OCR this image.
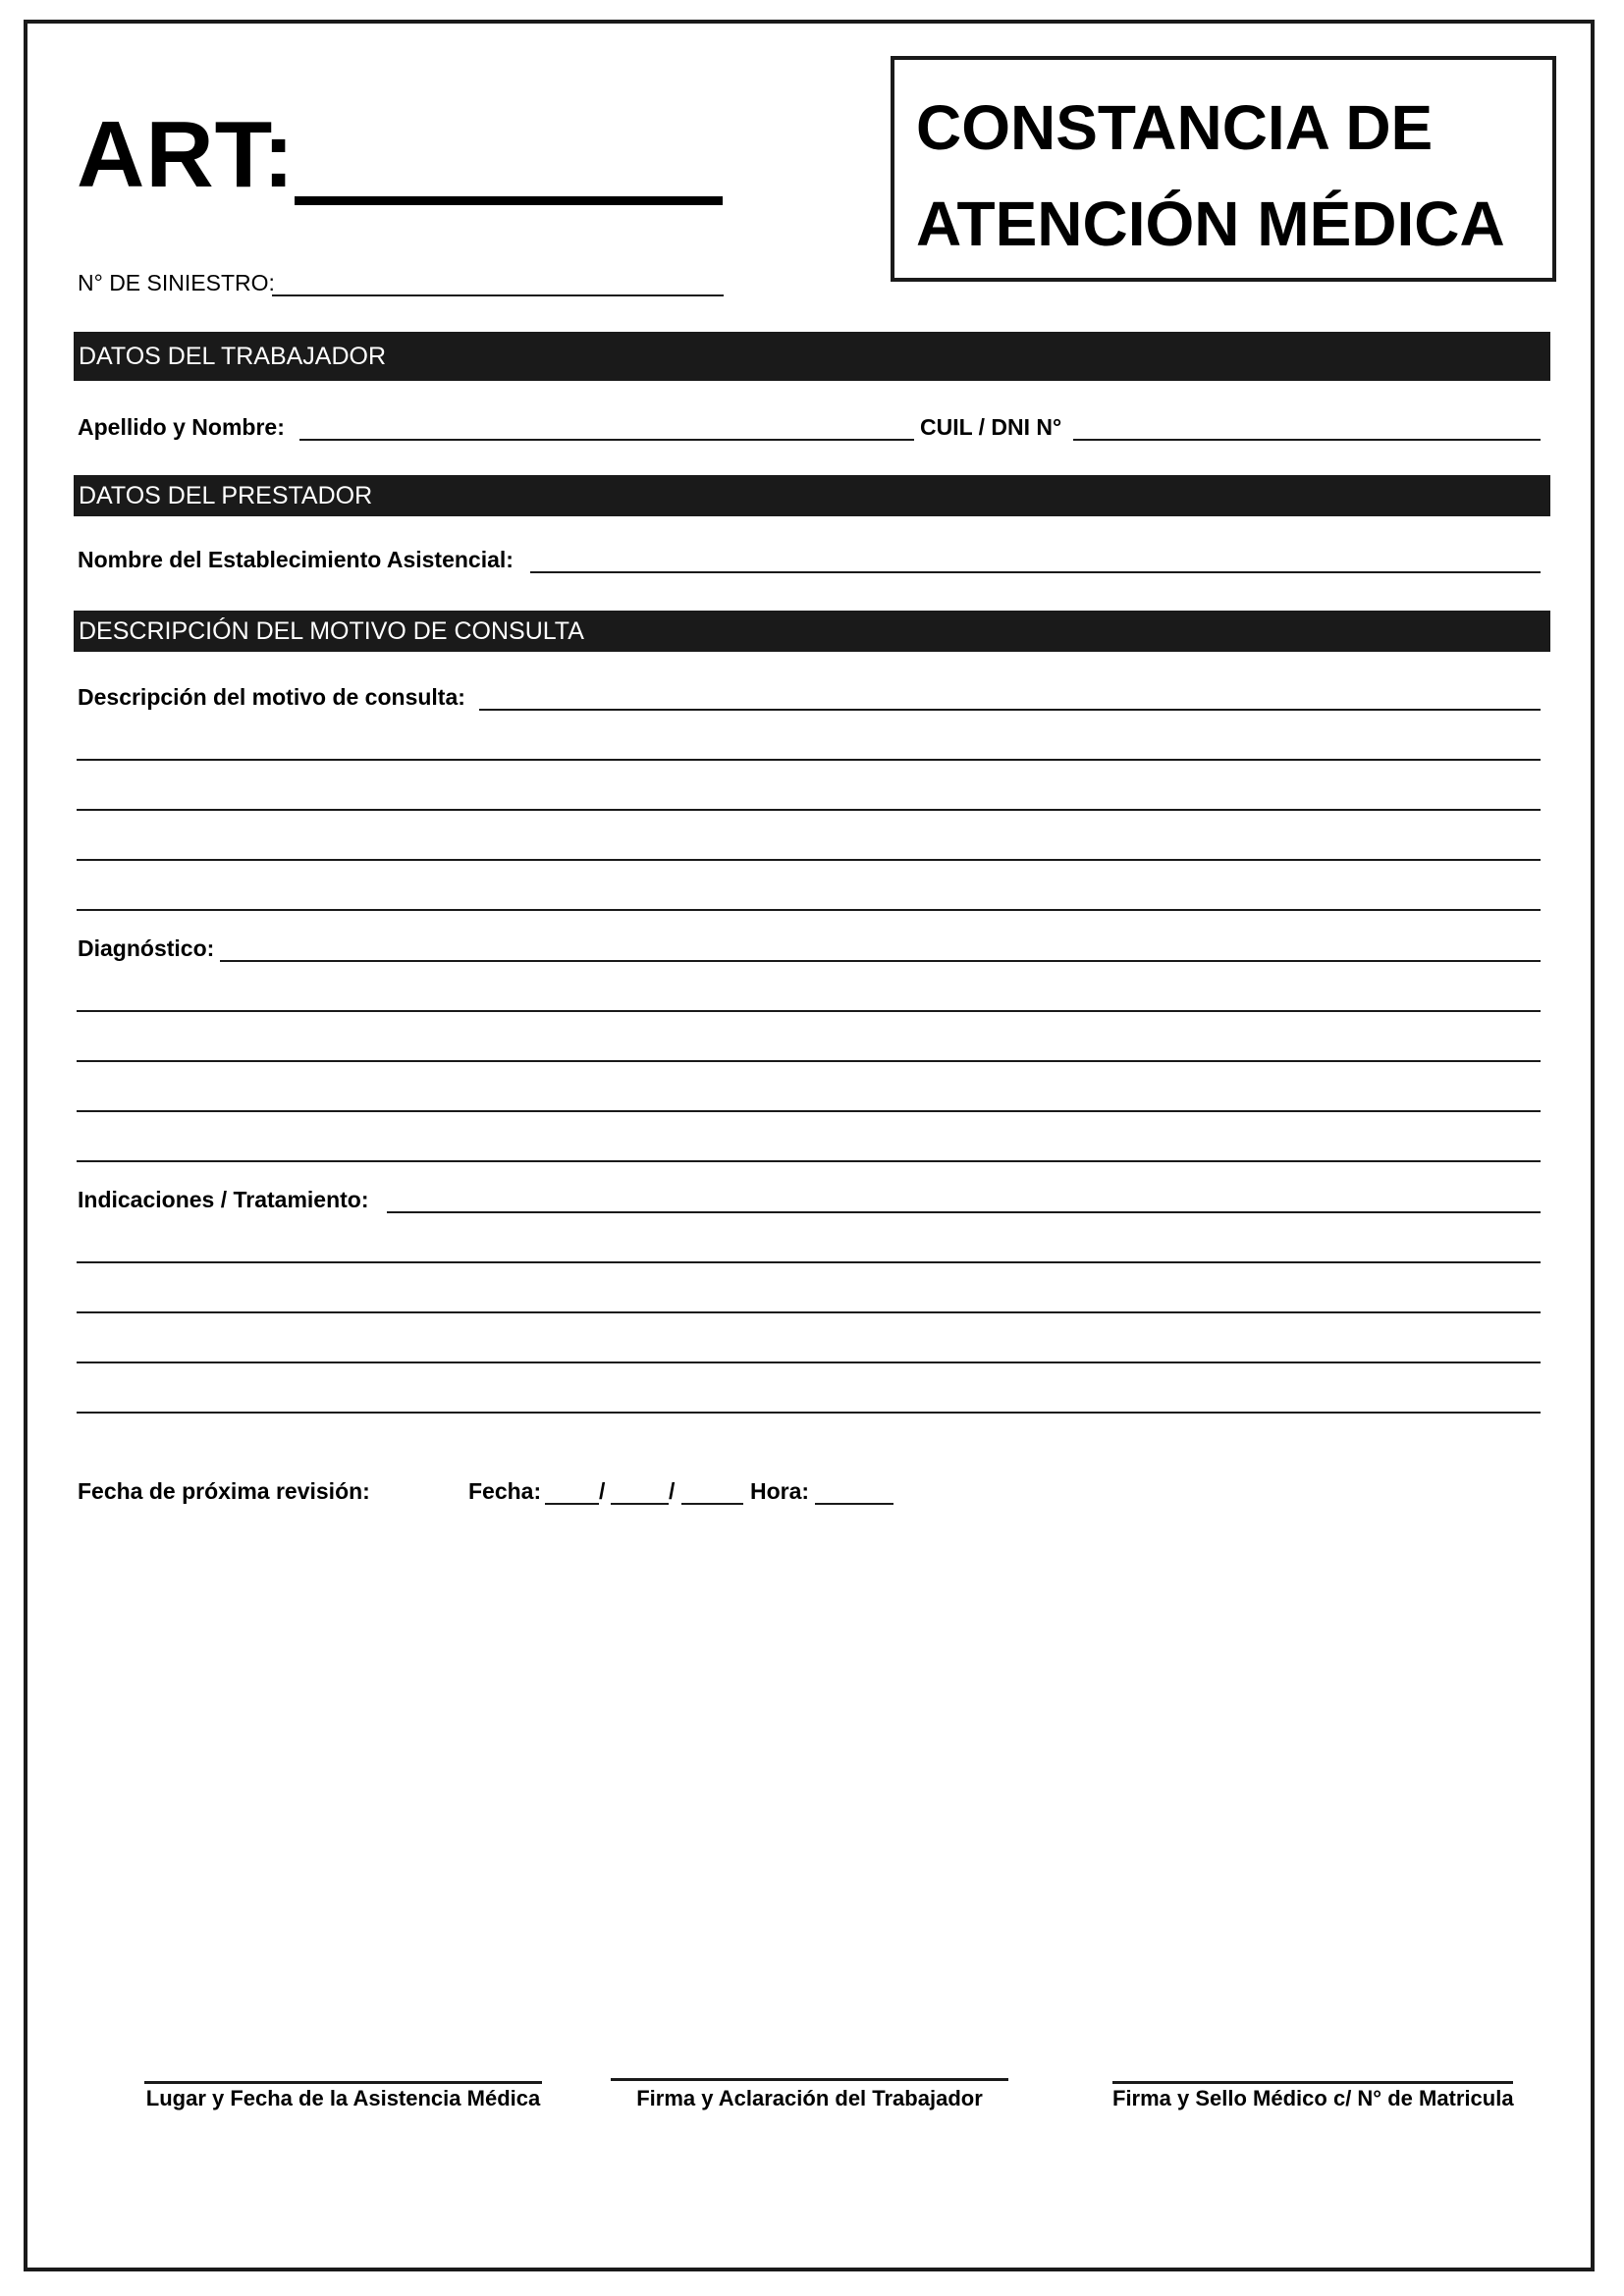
ART:	CONSTANCIA DE
ATENCIÓN MÉDICA
N° DE SINIESTRO:
DATOS DEL TRABAJADOR
Apellido y Nombre:	CUIL / DNI N°
DATOS DEL PRESTADOR
Nombre del Establecimiento Asistencial:
DESCRIPCIÓN DEL MOTIVO DE CONSULTA
Descripción del motivo de consulta:
Diagnóstico:
Indicaciones / Tratamiento:
Fecha de próxima revisión:	Fecha:	/	/	Hora:
Lugar y Fecha de la Asistencia Médica	Firma y Aclaración del Trabajador	Firma y Sello Médico c/ N° de Matricula
